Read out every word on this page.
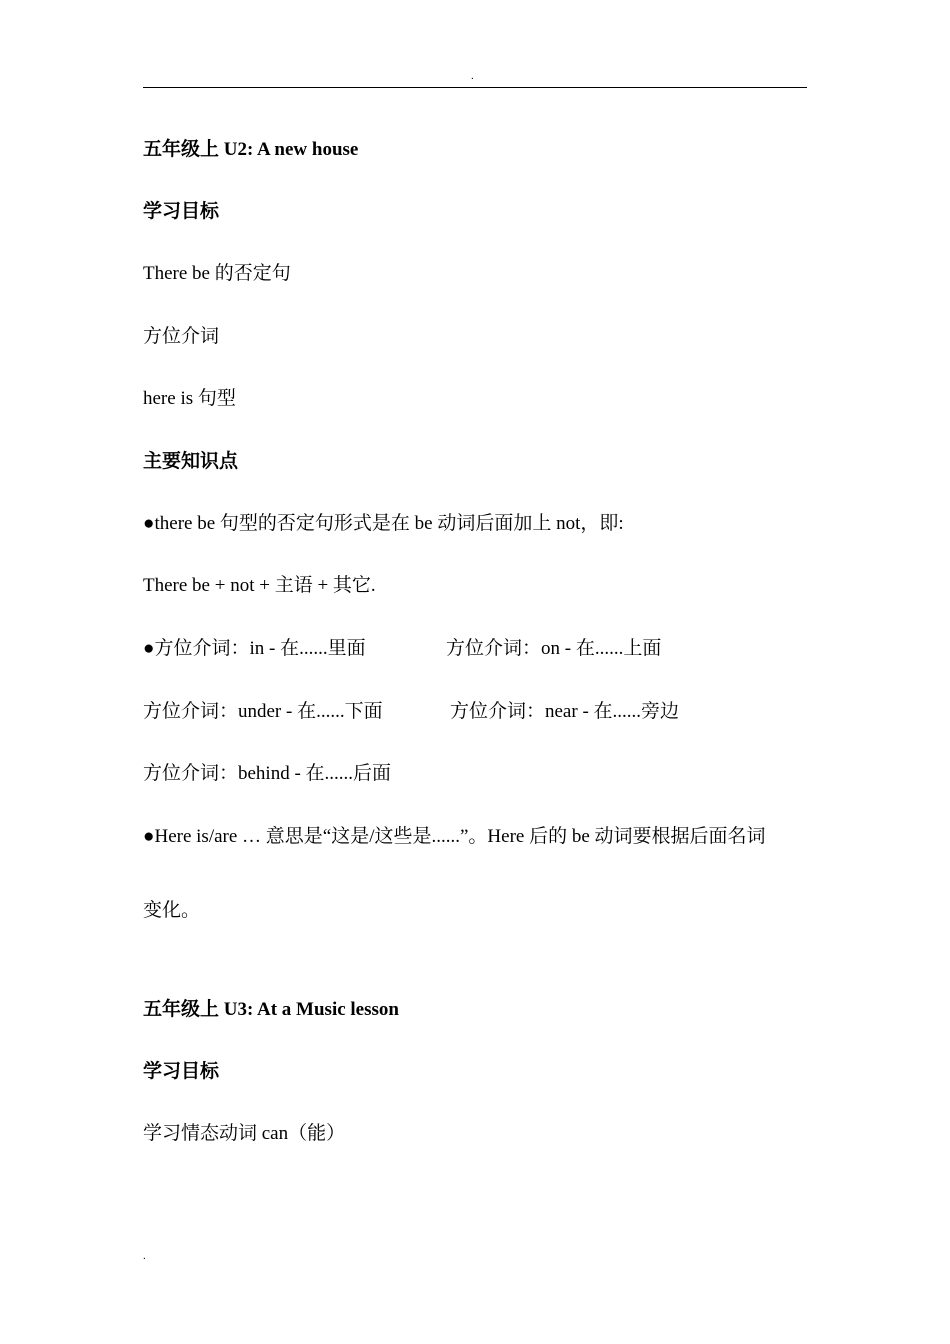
.
五年级上 U2: A new house
学习目标
There be 的否定句
方位介词
here is 句型
主要知识点
●there be 句型的否定句形式是在 be 动词后面加上 not，即:
There be + not + 主语 + 其它.
●方位介词：in - 在......里面	方位介词：on - 在......上面
方位介词：under - 在......下面	方位介词：near - 在......旁边
方位介词：behind - 在......后面
●Here is/are … 意思是“这是/这些是......”。Here 后的 be 动词要根据后面名词
变化。
五年级上 U3: At a Music lesson
学习目标
学习情态动词 can（能）
.
